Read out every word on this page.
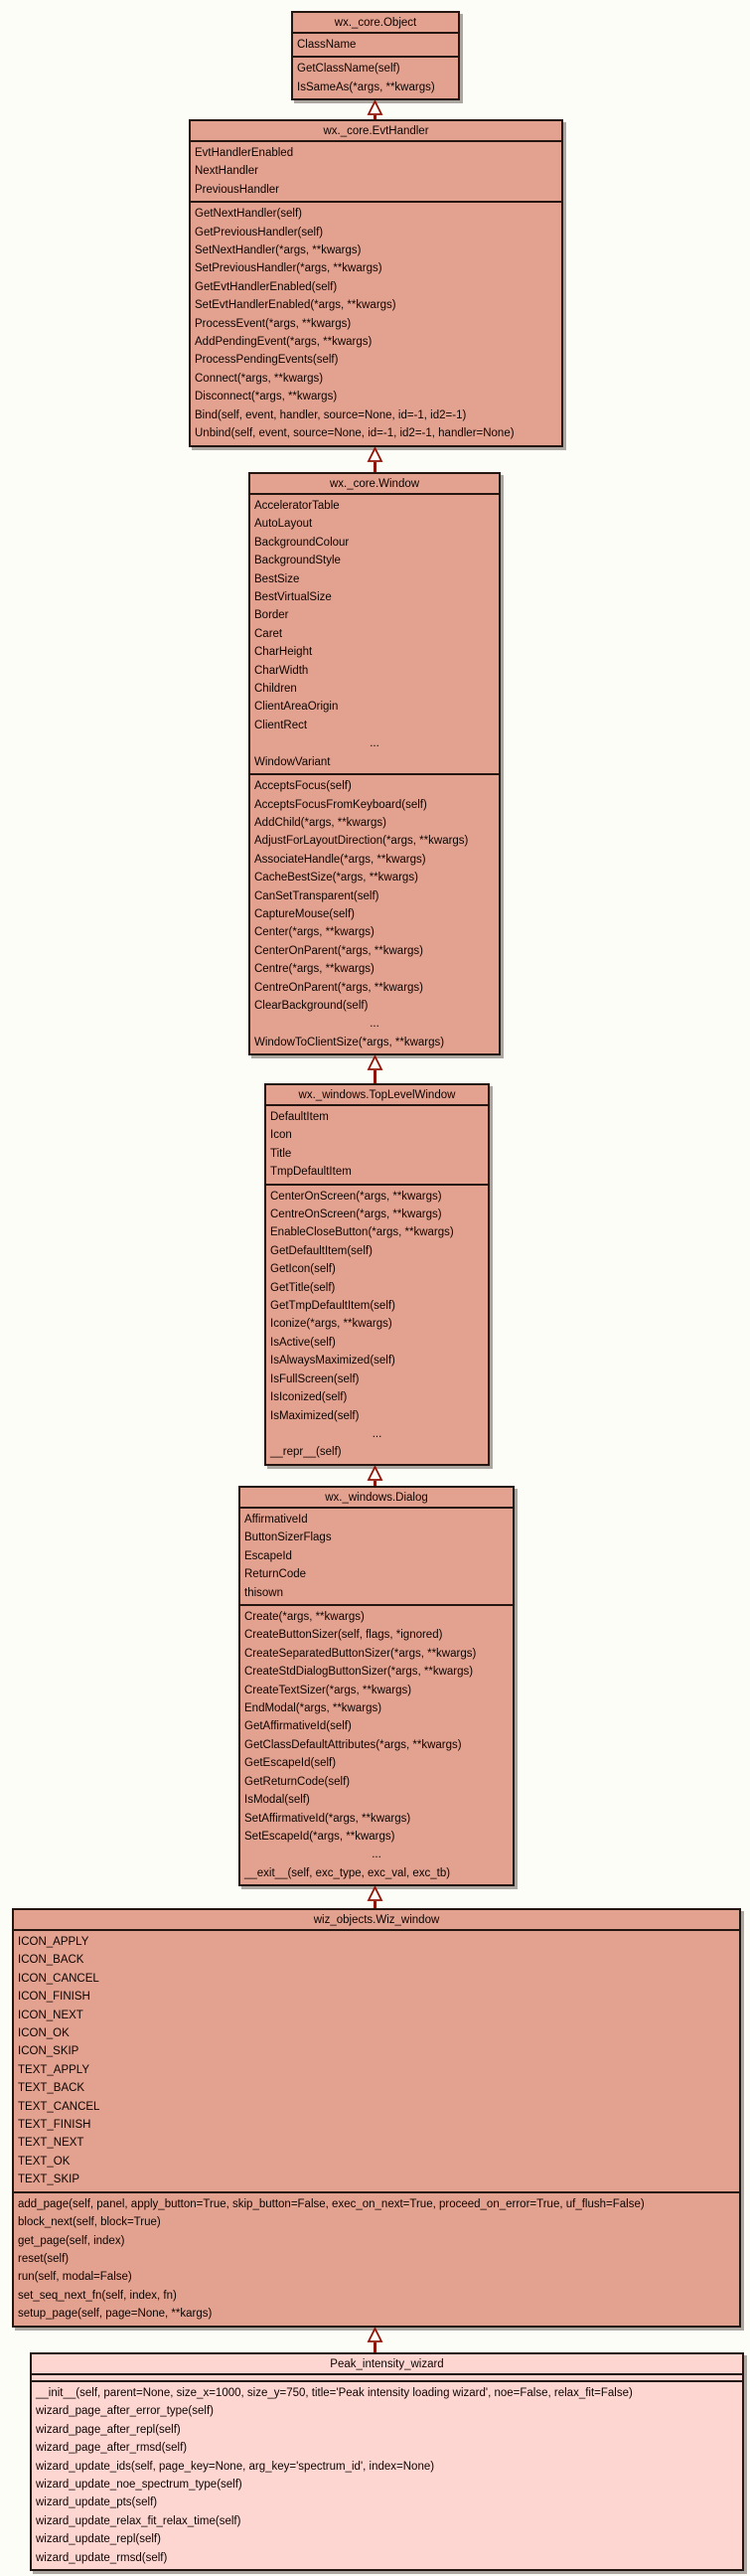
wx._core.Object
ClassName
GetClassName(self)
IsSameAs(*args, **kwargs)
wx._core.EvtHandler
EvtHandlerEnabled
NextHandler
PreviousHandler
GetNextHandler(self)
GetPreviousHandler(self)
SetNextHandler(*args, **kwargs)
SetPreviousHandler(*args, **kwargs)
GetEvtHandlerEnabled(self)
SetEvtHandlerEnabled(*args, **kwargs)
ProcessEvent(*args, **kwargs)
AddPendingEvent(*args, **kwargs)
ProcessPendingEvents(self)
Connect(*args, **kwargs)
Disconnect(*args, **kwargs)
Bind(self, event, handler, source=None, id=-1, id2=-1)
Unbind(self, event, source=None, id=-1, id2=-1, handler=None)
wx._core.Window
AcceleratorTable
AutoLayout
BackgroundColour
BackgroundStyle
BestSize
BestVirtualSize
Border
Caret
CharHeight
CharWidth
Children
ClientAreaOrigin
ClientRect
...
WindowVariant
AcceptsFocus(self)
AcceptsFocusFromKeyboard(self)
AddChild(*args, **kwargs)
AdjustForLayoutDirection(*args, **kwargs)
AssociateHandle(*args, **kwargs)
CacheBestSize(*args, **kwargs)
CanSetTransparent(self)
CaptureMouse(self)
Center(*args, **kwargs)
CenterOnParent(*args, **kwargs)
Centre(*args, **kwargs)
CentreOnParent(*args, **kwargs)
ClearBackground(self)
...
WindowToClientSize(*args, **kwargs)
wx._windows.TopLevelWindow
DefaultItem
Icon
Title
TmpDefaultItem
CenterOnScreen(*args, **kwargs)
CentreOnScreen(*args, **kwargs)
EnableCloseButton(*args, **kwargs)
GetDefaultItem(self)
GetIcon(self)
GetTitle(self)
GetTmpDefaultItem(self)
Iconize(*args, **kwargs)
IsActive(self)
IsAlwaysMaximized(self)
IsFullScreen(self)
IsIconized(self)
IsMaximized(self)
...
__repr__(self)
wx._windows.Dialog
AffirmativeId
ButtonSizerFlags
EscapeId
ReturnCode
thisown
Create(*args, **kwargs)
CreateButtonSizer(self, flags, *ignored)
CreateSeparatedButtonSizer(*args, **kwargs)
CreateStdDialogButtonSizer(*args, **kwargs)
CreateTextSizer(*args, **kwargs)
EndModal(*args, **kwargs)
GetAffirmativeId(self)
GetClassDefaultAttributes(*args, **kwargs)
GetEscapeId(self)
GetReturnCode(self)
IsModal(self)
SetAffirmativeId(*args, **kwargs)
SetEscapeId(*args, **kwargs)
...
__exit__(self, exc_type, exc_val, exc_tb)
wiz_objects.Wiz_window
ICON_APPLY
ICON_BACK
ICON_CANCEL
ICON_FINISH
ICON_NEXT
ICON_OK
ICON_SKIP
TEXT_APPLY
TEXT_BACK
TEXT_CANCEL
TEXT_FINISH
TEXT_NEXT
TEXT_OK
TEXT_SKIP
add_page(self, panel, apply_button=True, skip_button=False, exec_on_next=True, proceed_on_error=True, uf_flush=False)
block_next(self, block=True)
get_page(self, index)
reset(self)
run(self, modal=False)
set_seq_next_fn(self, index, fn)
setup_page(self, page=None, **kargs)
Peak_intensity_wizard
__init__(self, parent=None, size_x=1000, size_y=750, title='Peak intensity loading wizard', noe=False, relax_fit=False)
wizard_page_after_error_type(self)
wizard_page_after_repl(self)
wizard_page_after_rmsd(self)
wizard_update_ids(self, page_key=None, arg_key='spectrum_id', index=None)
wizard_update_noe_spectrum_type(self)
wizard_update_pts(self)
wizard_update_relax_fit_relax_time(self)
wizard_update_repl(self)
wizard_update_rmsd(self)
